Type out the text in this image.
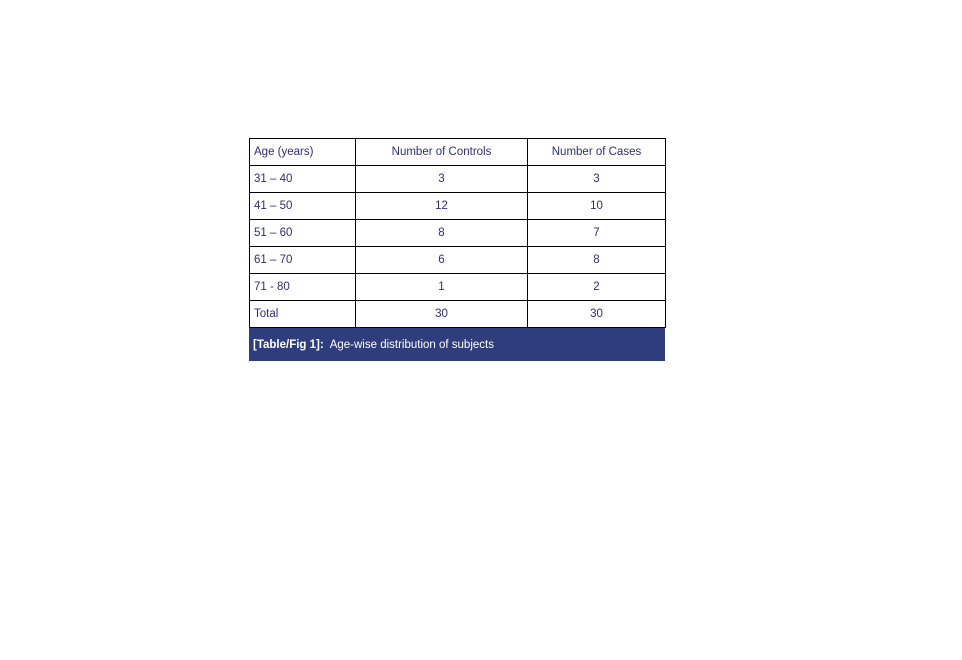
Age (years)	Number of Controls	Number of Cases
31 – 40	3	3
41 – 50	12	10
51 – 60	8	7
61 – 70	6	8
71 - 80	1	2
Total	30	30
[Table/Fig 1]: Age-wise distribution of subjects
